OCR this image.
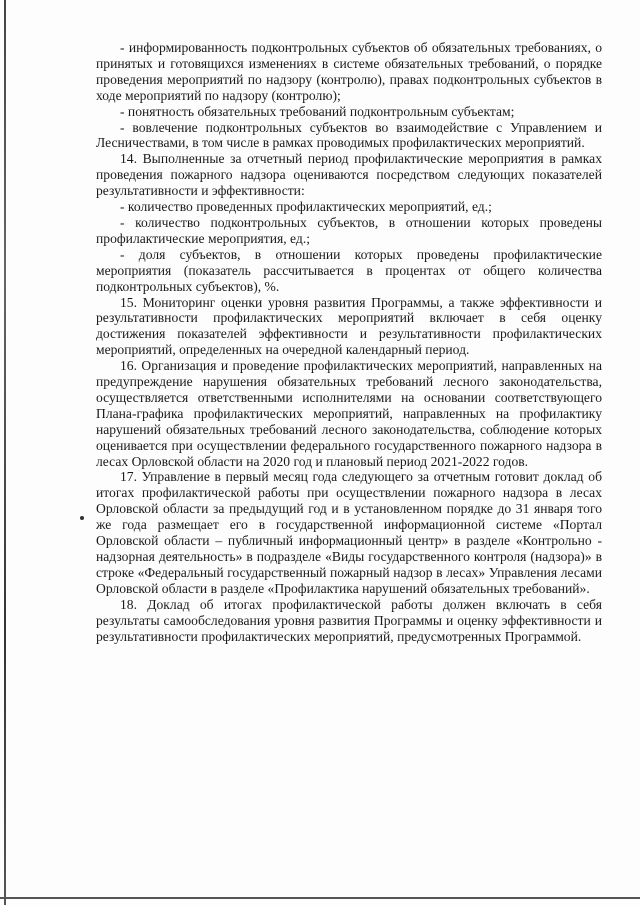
- информированность подконтрольных субъектов об обязательных требованиях, о принятых и готовящихся изменениях в системе обязательных требований, о порядке проведения мероприятий по надзору (контролю), правах подконтрольных субъектов в ходе мероприятий по надзору (контролю);

- понятность обязательных требований подконтрольным субъектам;

- вовлечение подконтрольных субъектов во взаимодействие с Управлением и Лесничествами, в том числе в рамках проводимых профилактических мероприятий.

14. Выполненные за отчетный период профилактические мероприятия в рамках проведения пожарного надзора оцениваются посредством следующих показателей результативности и эффективности:

- количество проведенных профилактических мероприятий, ед.;

- количество подконтрольных субъектов, в отношении которых проведены профилактические мероприятия, ед.;

- доля субъектов, в отношении которых проведены профилактические мероприятия (показатель рассчитывается в процентах от общего количества подконтрольных субъектов), %.

15. Мониторинг оценки уровня развития Программы, а также эффективности и результативности профилактических мероприятий включает в себя оценку достижения показателей эффективности и результативности профилактических мероприятий, определенных на очередной календарный период.

16. Организация и проведение профилактических мероприятий, направленных на предупреждение нарушения обязательных требований лесного законодательства, осуществляется ответственными исполнителями на основании соответствующего Плана-графика профилактических мероприятий, направленных на профилактику нарушений обязательных требований лесного законодательства, соблюдение которых оценивается при осуществлении федерального государственного пожарного надзора в лесах Орловской области на 2020 год и плановый период 2021-2022 годов.

17. Управление в первый месяц года следующего за отчетным готовит доклад об итогах профилактической работы при осуществлении пожарного надзора в лесах Орловской области за предыдущий год и в установленном порядке до 31 января того же года размещает его в государственной информационной системе «Портал Орловской области – публичный информационный центр» в разделе «Контрольно - надзорная деятельность» в подразделе «Виды государственного контроля (надзора)» в строке «Федеральный государственный пожарный надзор в лесах» Управления лесами Орловской области в разделе «Профилактика нарушений обязательных требований».

18. Доклад об итогах профилактической работы должен включать в себя результаты самообследования уровня развития Программы и оценку эффективности и результативности профилактических мероприятий, предусмотренных Программой.
